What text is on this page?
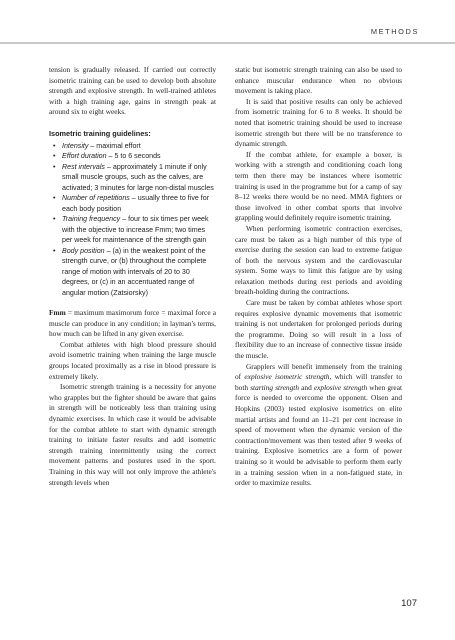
METHODS

tension is gradually released. If carried out correctly isometric training can be used to develop both absolute strength and explosive strength. In well-trained athletes with a high training age, gains in strength peak at around six to eight weeks.

Isometric training guidelines:
• Intensity – maximal effort
• Effort duration – 5 to 6 seconds
• Rest intervals – approximately 1 minute if only small muscle groups, such as the calves, are activated; 3 minutes for large non-distal muscles
• Number of repetitions – usually three to five for each body position
• Training frequency – four to six times per week with the objective to increase Fmm; two times per week for maintenance of the strength gain
• Body position – (a) in the weakest point of the strength curve, or (b) throughout the complete range of motion with intervals of 20 to 30 degrees, or (c) in an accentuated range of angular motion (Zatsiorsky)

Fmm = maximum maximorum force = maximal force a muscle can produce in any condition; in layman's terms, how much can be lifted in any given exercise.

Combat athletes with high blood pressure should avoid isometric training when training the large muscle groups located proximally as a rise in blood pressure is extremely likely.

Isometric strength training is a necessity for anyone who grapples but the fighter should be aware that gains in strength will be noticeably less than training using dynamic exercises. In which case it would be advisable for the combat athlete to start with dynamic strength training to initiate faster results and add isometric strength training intermittently using the correct movement patterns and postures used in the sport. Training in this way will not only improve the athlete's strength levels when

static but isometric strength training can also be used to enhance muscular endurance when no obvious movement is taking place.

It is said that positive results can only be achieved from isometric training for 6 to 8 weeks. It should be noted that isometric training should be used to increase isometric strength but there will be no transference to dynamic strength.

If the combat athlete, for example a boxer, is working with a strength and conditioning coach long term then there may be instances where isometric training is used in the programme but for a camp of say 8–12 weeks there would be no need. MMA fighters or those involved in other combat sports that involve grappling would definitely require isometric training.

When performing isometric contraction exercises, care must be taken as a high number of this type of exercise during the session can lead to extreme fatigue of both the nervous system and the cardiovascular system. Some ways to limit this fatigue are by using relaxation methods during rest periods and avoiding breath-holding during the contractions.

Care must be taken by combat athletes whose sport requires explosive dynamic movements that isometric training is not undertaken for prolonged periods during the programme. Doing so will result in a loss of flexibility due to an increase of connective tissue inside the muscle.

Grapplers will benefit immensely from the training of explosive isometric strength, which will transfer to both starting strength and explosive strength when great force is needed to overcome the opponent. Olsen and Hopkins (2003) tested explosive isometrics on elite martial artists and found an 11–21 per cent increase in speed of movement when the dynamic version of the contraction/movement was then tested after 9 weeks of training. Explosive isometrics are a form of power training so it would be advisable to perform them early in a training session when in a non-fatigued state, in order to maximize results.

107
